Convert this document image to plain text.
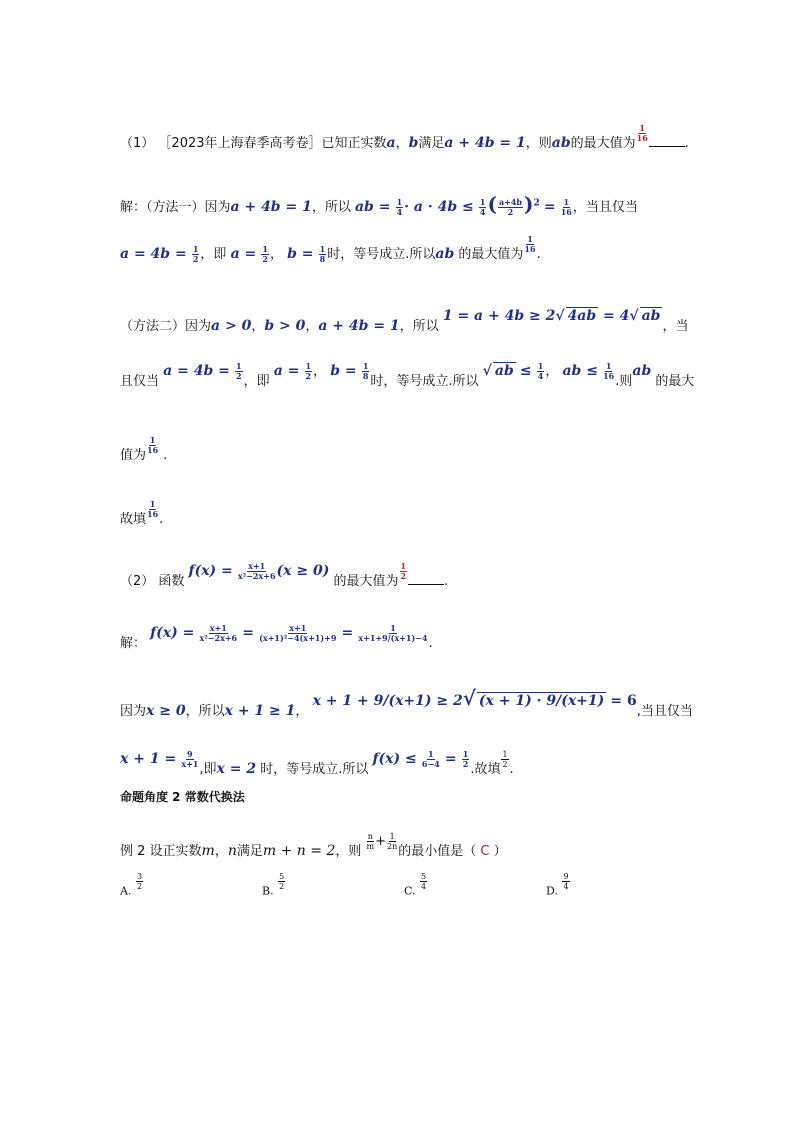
（1） ［2023年上海春季高考卷］已知正实数a，b满足a + 4b = 1，则ab的最大值为
$\frac{1}{16}$
.
解：（方法一）因为a + 4b = 1，所以 ab = $\frac{1}{4} \cdot a \cdot 4b \le \frac{1}{4}$ ( $\frac{a+4b}{2} )^2 = \frac{1}{16}$ ，当且仅当
$a = 4b = \frac{1}{2}$ ，即 $a = \frac{1}{2}$ ， $b = \frac{1}{8}$ 时，等号成立.所以ab 的最大值为
$\frac{1}{16}$
.
（方法二）因为a > 0，b > 0，a + 4b = 1，所以 1 = a + 4b ≥ 2√ 4ab = 4√ ab，当
且仅当 $a = 4b = \frac{1}{2}$
，即 $a = \frac{1}{2}$ ， $b = \frac{1}{8}$
时，等号成立.所以 √ ab ≤ $\frac{1}{4}$ ， ab ≤ $\frac{1}{16}$
.则ab 的最大
值为
$\frac{1}{16}$
.
故填
$\frac{1}{16}$
.
（2） 函数 $f(x) = \frac{x+1}{\text{x²−2x+6}} (x \ge 0)$ 的最大值为
$\frac{1}{2}$
.
解： $f(x) = \frac{x+1}{\text{x²−2x+6}} = \frac{x+1}{\text{(x+1)²−4(x+1)+9}} = \frac{1}{x+1+9/(x+1)-4}$
.
因为x ≥ 0，所以x + 1 ≥ 1， x + 1 + 9/(x+1) ≥ 2√ (x + 1) · 9/(x+1) = 6,当且仅当
$x + 1 = \frac{9}{x+1}$
,即x = 2 时，等号成立.所以 $f(x) \le \frac{1}{6-4} = \frac{1}{2}$
.故填
$\frac{1}{2}$
.
命题角度 2 常数代换法
例 2 设正实数m，n满足m + n = 2，则
$\frac{n}{m} + \frac{1}{2n}$
的最小值是（ C ）
A. $\frac{3}{2}$	B. $\frac{5}{2}$	C. $\frac{5}{4}$	D. $\frac{9}{4}$
